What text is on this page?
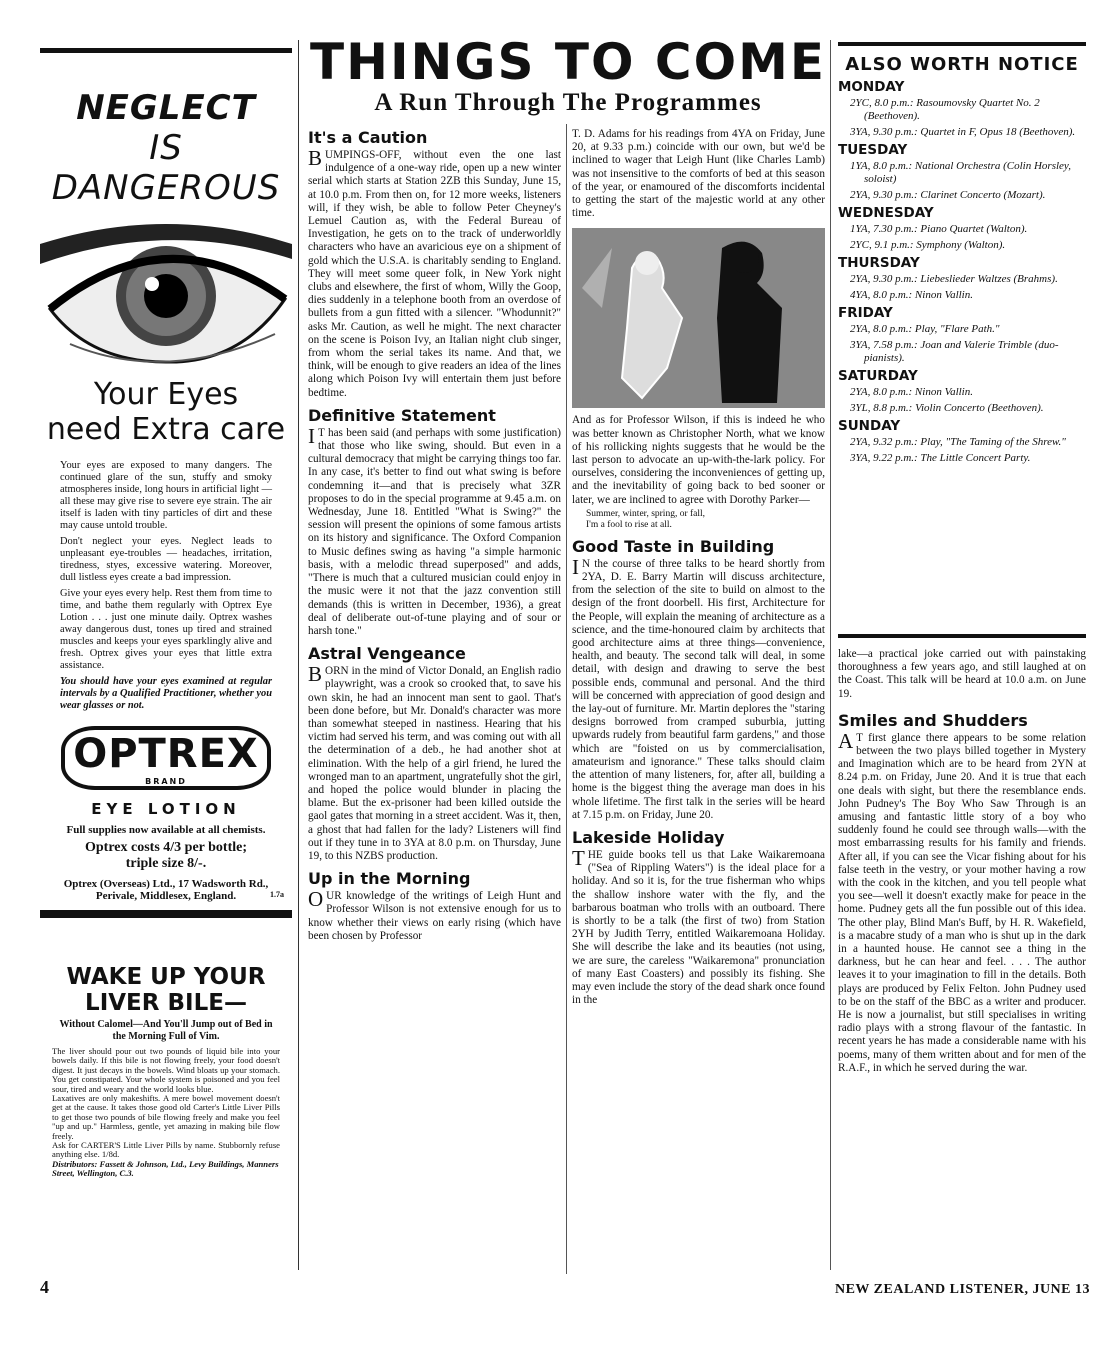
NEGLECT
IS DANGEROUS
Your Eyes
need Extra care

Your eyes are exposed to many dangers. The continued glare of the sun, stuffy and smoky atmospheres inside, long hours in artificial light — all these may give rise to severe eye strain. The air itself is laden with tiny particles of dirt and these may cause untold trouble.

Don't neglect your eyes. Neglect leads to unpleasant eye-troubles — headaches, irritation, tiredness, styes, excessive watering. Moreover, dull listless eyes create a bad impression.

Give your eyes every help. Rest them from time to time, and bathe them regularly with Optrex Eye Lotion . . . just one minute daily. Optrex washes away dangerous dust, tones up tired and strained muscles and keeps your eyes sparklingly alive and fresh. Optrex gives your eyes that little extra assistance.

You should have your eyes examined at regular intervals by a Qualified Practitioner, whether you wear glasses or not.

OPTREX
BRAND
EYE LOTION
Full supplies now available at all chemists.
Optrex costs 4/3 per bottle;
triple size 8/-.
Optrex (Overseas) Ltd., 17 Wadsworth Rd.,
Perivale, Middlesex, England.	1.7a
WAKE UP YOUR
LIVER BILE—
Without Calomel—And You'll Jump out of Bed in the Morning Full of Vim.

The liver should pour out two pounds of liquid bile into your bowels daily. If this bile is not flowing freely, your food doesn't digest. It just decays in the bowels. Wind bloats up your stomach. You get constipated. Your whole system is poisoned and you feel sour, tired and weary and the world looks blue.

Laxatives are only makeshifts. A mere bowel movement doesn't get at the cause. It takes those good old Carter's Little Liver Pills to get those two pounds of bile flowing freely and make you feel "up and up." Harmless, gentle, yet amazing in making bile flow freely.

Ask for CARTER'S Little Liver Pills by name. Stubbornly refuse anything else. 1/8d.

Distributors: Fassett & Johnson, Ltd., Levy Buildings, Manners Street, Wellington, C.3.

THINGS TO COME
A Run Through The Programmes
It's a Caution

BUMPINGS-OFF, without even the one last indulgence of a one-way ride, open up a new winter serial which starts at Station 2ZB this Sunday, June 15, at 10.0 p.m. From then on, for 12 more weeks, listeners will, if they wish, be able to follow Peter Cheyney's Lemuel Caution as, with the Federal Bureau of Investigation, he gets on to the track of underworldly characters who have an avaricious eye on a shipment of gold which the U.S.A. is charitably sending to England. They will meet some queer folk, in New York night clubs and elsewhere, the first of whom, Willy the Goop, dies suddenly in a telephone booth from an overdose of bullets from a gun fitted with a silencer. "Whodunnit?" asks Mr. Caution, as well he might. The next character on the scene is Poison Ivy, an Italian night club singer, from whom the serial takes its name. And that, we think, will be enough to give readers an idea of the lines along which Poison Ivy will entertain them just before bedtime.

Definitive Statement

IT has been said (and perhaps with some justification) that those who like swing, should. But even in a cultural democracy that might be carrying things too far. In any case, it's better to find out what swing is before condemning it—and that is precisely what 3ZR proposes to do in the special programme at 9.45 a.m. on Wednesday, June 18. Entitled "What is Swing?" the session will present the opinions of some famous artists on its history and significance. The Oxford Companion to Music defines swing as having "a simple harmonic basis, with a melodic thread superposed" and adds, "There is much that a cultured musician could enjoy in the music were it not that the jazz convention still demands (this is written in December, 1936), a great deal of deliberate out-of-tune playing and of sour or harsh tone."

Astral Vengeance

BORN in the mind of Victor Donald, an English radio playwright, was a crook so crooked that, to save his own skin, he had an innocent man sent to gaol. That's been done before, but Mr. Donald's character was more than somewhat steeped in nastiness. Hearing that his victim had served his term, and was coming out with all the determination of a deb., he had another shot at elimination. With the help of a girl friend, he lured the wronged man to an apartment, ungratefully shot the girl, and hoped the police would blunder in placing the blame. But the ex-prisoner had been killed outside the gaol gates that morning in a street accident. Was it, then, a ghost that had fallen for the lady? Listeners will find out if they tune in to 3YA at 8.0 p.m. on Thursday, June 19, to this NZBS production.

Up in the Morning

OUR knowledge of the writings of Leigh Hunt and Professor Wilson is not extensive enough for us to know whether their views on early rising (which have been chosen by Professor

T. D. Adams for his readings from 4YA on Friday, June 20, at 9.33 p.m.) coincide with our own, but we'd be inclined to wager that Leigh Hunt (like Charles Lamb) was not insensitive to the comforts of bed at this season of the year, or enamoured of the discomforts incidental to getting the start of the majestic world at any other time.

And as for Professor Wilson, if this is indeed he who was better known as Christopher North, what we know of his rollicking nights suggests that he would be the last person to advocate an up-with-the-lark policy. For ourselves, considering the inconveniences of getting up, and the inevitability of going back to bed sooner or later, we are inclined to agree with Dorothy Parker—

Summer, winter, spring, or fall,
I'm a fool to rise at all.
Good Taste in Building

IN the course of three talks to be heard shortly from 2YA, D. E. Barry Martin will discuss architecture, from the selection of the site to build on almost to the design of the front doorbell. His first, Architecture for the People, will explain the meaning of architecture as a science, and the time-honoured claim by architects that good architecture aims at three things—convenience, health, and beauty. The second talk will deal, in some detail, with design and drawing to serve the best possible ends, communal and personal. And the third will be concerned with appreciation of good design and the lay-out of furniture. Mr. Martin deplores the "staring designs borrowed from cramped suburbia, jutting upwards rudely from beautiful farm gardens," and those which are "foisted on us by commercialisation, amateurism and ignorance." These talks should claim the attention of many listeners, for, after all, building a home is the biggest thing the average man does in his whole lifetime. The first talk in the series will be heard at 7.15 p.m. on Friday, June 20.

Lakeside Holiday

THE guide books tell us that Lake Waikaremoana ("Sea of Rippling Waters") is the ideal place for a holiday. And so it is, for the true fisherman who whips the shallow inshore water with the fly, and the barbarous boatman who trolls with an outboard. There is shortly to be a talk (the first of two) from Station 2YH by Judith Terry, entitled Waikaremoana Holiday. She will describe the lake and its beauties (not using, we are sure, the careless "Waikaremona" pronunciation of many East Coasters) and possibly its fishing. She may even include the story of the dead shark once found in the

ALSO WORTH NOTICE
MONDAY
2YC, 8.0 p.m.: Rasoumovsky Quartet No. 2 (Beethoven).
3YA, 9.30 p.m.: Quartet in F, Opus 18 (Beethoven).
TUESDAY
1YA, 8.0 p.m.: National Orchestra (Colin Horsley, soloist)
2YA, 9.30 p.m.: Clarinet Concerto (Mozart).
WEDNESDAY
1YA, 7.30 p.m.: Piano Quartet (Walton).
2YC, 9.1 p.m.: Symphony (Walton).
THURSDAY
2YA, 9.30 p.m.: Liebeslieder Waltzes (Brahms).
4YA, 8.0 p.m.: Ninon Vallin.
FRIDAY
2YA, 8.0 p.m.: Play, "Flare Path."
3YA, 7.58 p.m.: Joan and Valerie Trimble (duo-pianists).
SATURDAY
2YA, 8.0 p.m.: Ninon Vallin.
3YL, 8.8 p.m.: Violin Concerto (Beethoven).
SUNDAY
2YA, 9.32 p.m.: Play, "The Taming of the Shrew."
3YA, 9.22 p.m.: The Little Concert Party.

lake—a practical joke carried out with painstaking thoroughness a few years ago, and still laughed at on the Coast. This talk will be heard at 10.0 a.m. on June 19.

Smiles and Shudders

AT first glance there appears to be some relation between the two plays billed together in Mystery and Imagination which are to be heard from 2YN at 8.24 p.m. on Friday, June 20. And it is true that each one deals with sight, but there the resemblance ends. John Pudney's The Boy Who Saw Through is an amusing and fantastic little story of a boy who suddenly found he could see through walls—with the most embarrassing results for his family and friends. After all, if you can see the Vicar fishing about for his false teeth in the vestry, or your mother having a row with the cook in the kitchen, and you tell people what you see—well it doesn't exactly make for peace in the home. Pudney gets all the fun possible out of this idea. The other play, Blind Man's Buff, by H. R. Wakefield, is a macabre study of a man who is shut up in the dark in a haunted house. He cannot see a thing in the darkness, but he can hear and feel. . . . The author leaves it to your imagination to fill in the details. Both plays are produced by Felix Felton. John Pudney used to be on the staff of the BBC as a writer and producer. He is now a journalist, but still specialises in writing radio plays with a strong flavour of the fantastic. In recent years he has made a considerable name with his poems, many of them written about and for men of the R.A.F., in which he served during the war.

4	NEW ZEALAND LISTENER, JUNE 13
